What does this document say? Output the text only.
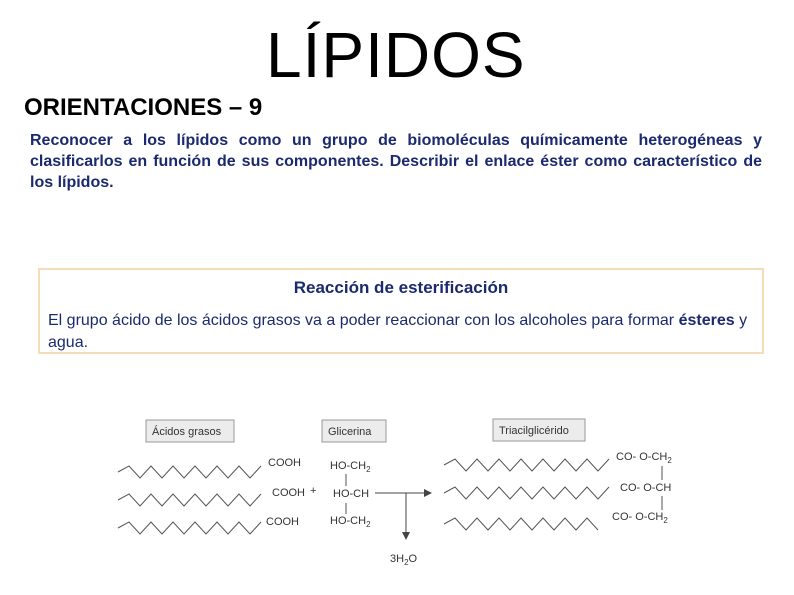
LÍPIDOS
ORIENTACIONES – 9
Reconocer a los lípidos como un grupo de biomoléculas químicamente heterogéneas y clasificarlos en función de sus componentes. Describir el enlace éster como característico de los lípidos.
Reacción de esterificación
El grupo ácido de los ácidos grasos va a poder reaccionar con los alcoholes para formar ésteres y agua.
Ácidos grasos	Glicerina	Triacilglicérido
COOH
COOH
COOH
+
$HO-CH_2$
HO-CH
$HO-CH_2$
$3H_2O$
CO- $O-CH_2$
CO- O-CH
CO- $O-CH_2$
